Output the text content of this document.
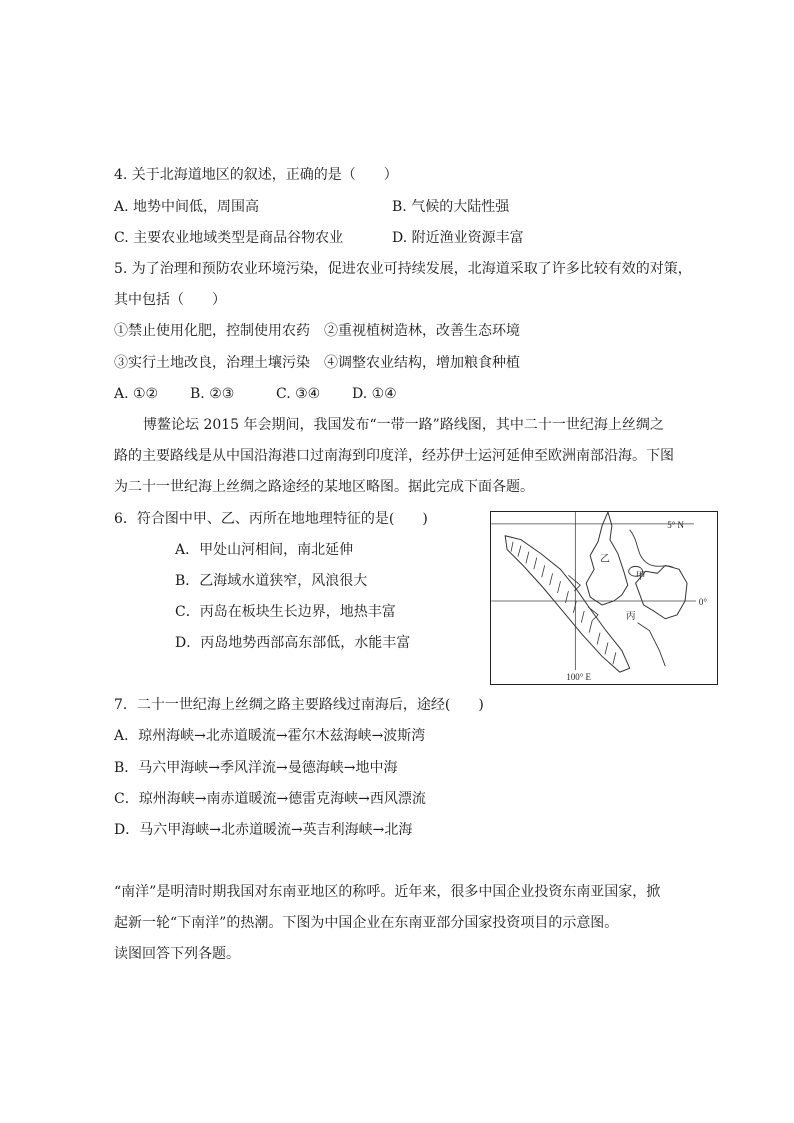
4. 关于北海道地区的叙述，正确的是（　　）
A. 地势中间低，周围高	B. 气候的大陆性强
C. 主要农业地域类型是商品谷物农业	D. 附近渔业资源丰富
5. 为了治理和预防农业环境污染，促进农业可持续发展，北海道采取了许多比较有效的对策，
其中包括（　　）
①禁止使用化肥，控制使用农药　②重视植树造林，改善生态环境
③实行土地改良，治理土壤污染　④调整农业结构，增加粮食种植
A. ①② B. ②③	C. ③④ D. ①④
博鳌论坛 2015 年会期间，我国发布“一带一路”路线图，其中二十一世纪海上丝绸之
路的主要路线是从中国沿海港口过南海到印度洋，经苏伊士运河延伸至欧洲南部沿海。下图
为二十一世纪海上丝绸之路途经的某地区略图。据此完成下面各题。
6．符合图中甲、乙、丙所在地地理特征的是(　　)
A．甲处山河相间，南北延伸
B．乙海域水道狭窄，风浪很大
C．丙岛在板块生长边界，地热丰富
D．丙岛地势西部高东部低，水能丰富
5° N
0°
100° E
甲
乙
丙
7．二十一世纪海上丝绸之路主要路线过南海后，途经(　　)
A．琼州海峡→北赤道暖流→霍尔木兹海峡→波斯湾
B．马六甲海峡→季风洋流→曼德海峡→地中海
C．琼州海峡→南赤道暖流→德雷克海峡→西风漂流
D．马六甲海峡→北赤道暖流→英吉利海峡→北海
“南洋”是明清时期我国对东南亚地区的称呼。近年来，很多中国企业投资东南亚国家，掀
起新一轮“下南洋”的热潮。下图为中国企业在东南亚部分国家投资项目的示意图。
读图回答下列各题。
